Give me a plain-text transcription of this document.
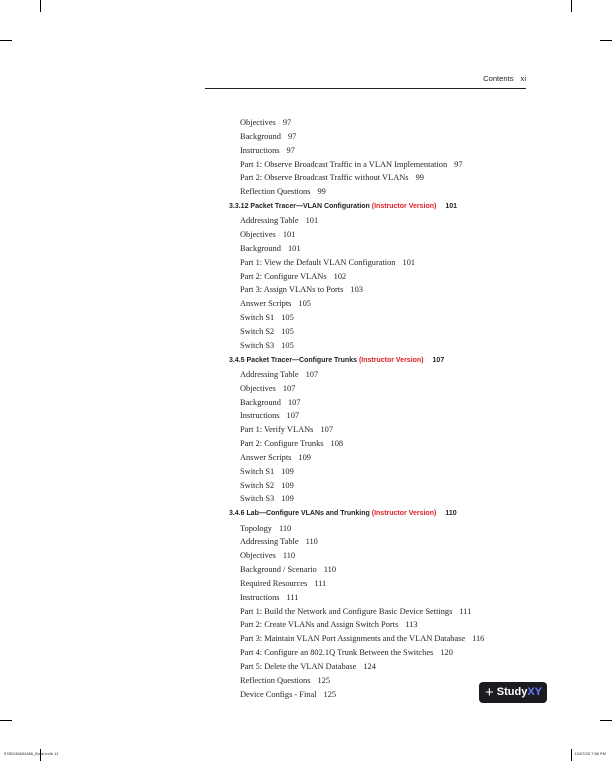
Contents xi
Objectives 97
Background 97
Instructions 97
Part 1: Observe Broadcast Traffic in a VLAN Implementation 97
Part 2: Observe Broadcast Traffic without VLANs 99
Reflection Questions 99
3.3.12 Packet Tracer—VLAN Configuration (Instructor Version) 101
Addressing Table 101
Objectives 101
Background 101
Part 1: View the Default VLAN Configuration 101
Part 2: Configure VLANs 102
Part 3: Assign VLANs to Ports 103
Answer Scripts 105
Switch S1 105
Switch S2 105
Switch S3 105
3.4.5 Packet Tracer—Configure Trunks (Instructor Version) 107
Addressing Table 107
Objectives 107
Background 107
Instructions 107
Part 1: Verify VLANs 107
Part 2: Configure Trunks 108
Answer Scripts 109
Switch S1 109
Switch S2 109
Switch S3 109
3.4.6 Lab—Configure VLANs and Trunking (Instructor Version) 110
Topology 110
Addressing Table 110
Objectives 110
Background / Scenario 110
Required Resources 111
Instructions 111
Part 1: Build the Network and Configure Basic Device Settings 111
Part 2: Create VLANs and Assign Switch Ports 113
Part 3: Maintain VLAN Port Assignments and the VLAN Database 116
Part 4: Configure an 802.1Q Trunk Between the Switches 120
Part 5: Delete the VLAN Database 124
Reflection Questions 125
Device Configs - Final 125	+ Study XY
9780136634386_Book.indb 11	10/07/20 7:56 PM
